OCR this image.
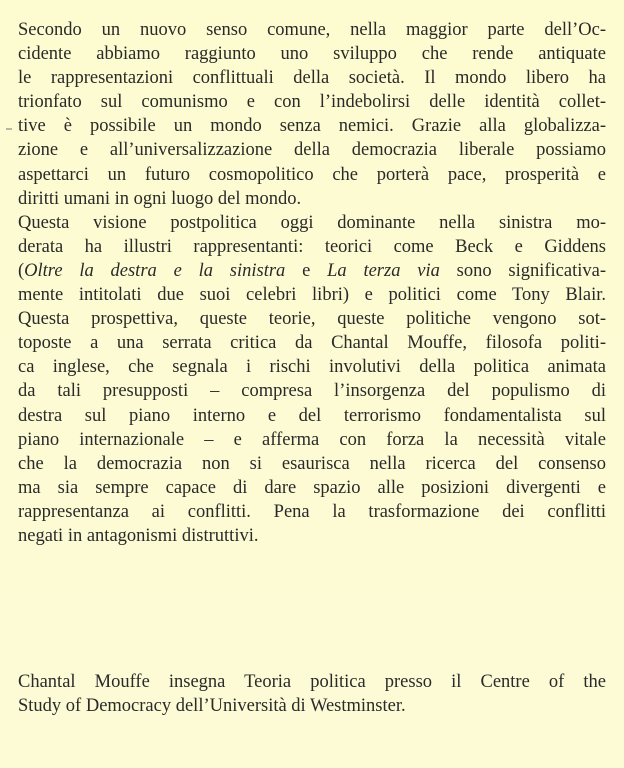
Secondo un nuovo senso comune, nella maggior parte dell’Oc-
cidente abbiamo raggiunto uno sviluppo che rende antiquate
le rappresentazioni conflittuali della società. Il mondo libero ha
trionfato sul comunismo e con l’indebolirsi delle identità collet-
tive è possibile un mondo senza nemici. Grazie alla globalizza-
zione e all’universalizzazione della democrazia liberale possiamo
aspettarci un futuro cosmopolitico che porterà pace, prosperità e
diritti umani in ogni luogo del mondo.
Questa visione postpolitica oggi dominante nella sinistra mo-
derata ha illustri rappresentanti: teorici come Beck e Giddens
(Oltre la destra e la sinistra e La terza via sono significativa-
mente intitolati due suoi celebri libri) e politici come Tony Blair.
Questa prospettiva, queste teorie, queste politiche vengono sot-
toposte a una serrata critica da Chantal Mouffe, filosofa politi-
ca inglese, che segnala i rischi involutivi della politica animata
da tali presupposti – compresa l’insorgenza del populismo di
destra sul piano interno e del terrorismo fondamentalista sul
piano internazionale – e afferma con forza la necessità vitale
che la democrazia non si esaurisca nella ricerca del consenso
ma sia sempre capace di dare spazio alle posizioni divergenti e
rappresentanza ai conflitti. Pena la trasformazione dei conflitti
negati in antagonismi distruttivi.
Chantal Mouffe insegna Teoria politica presso il Centre of the
Study of Democracy dell’Università di Westminster.
